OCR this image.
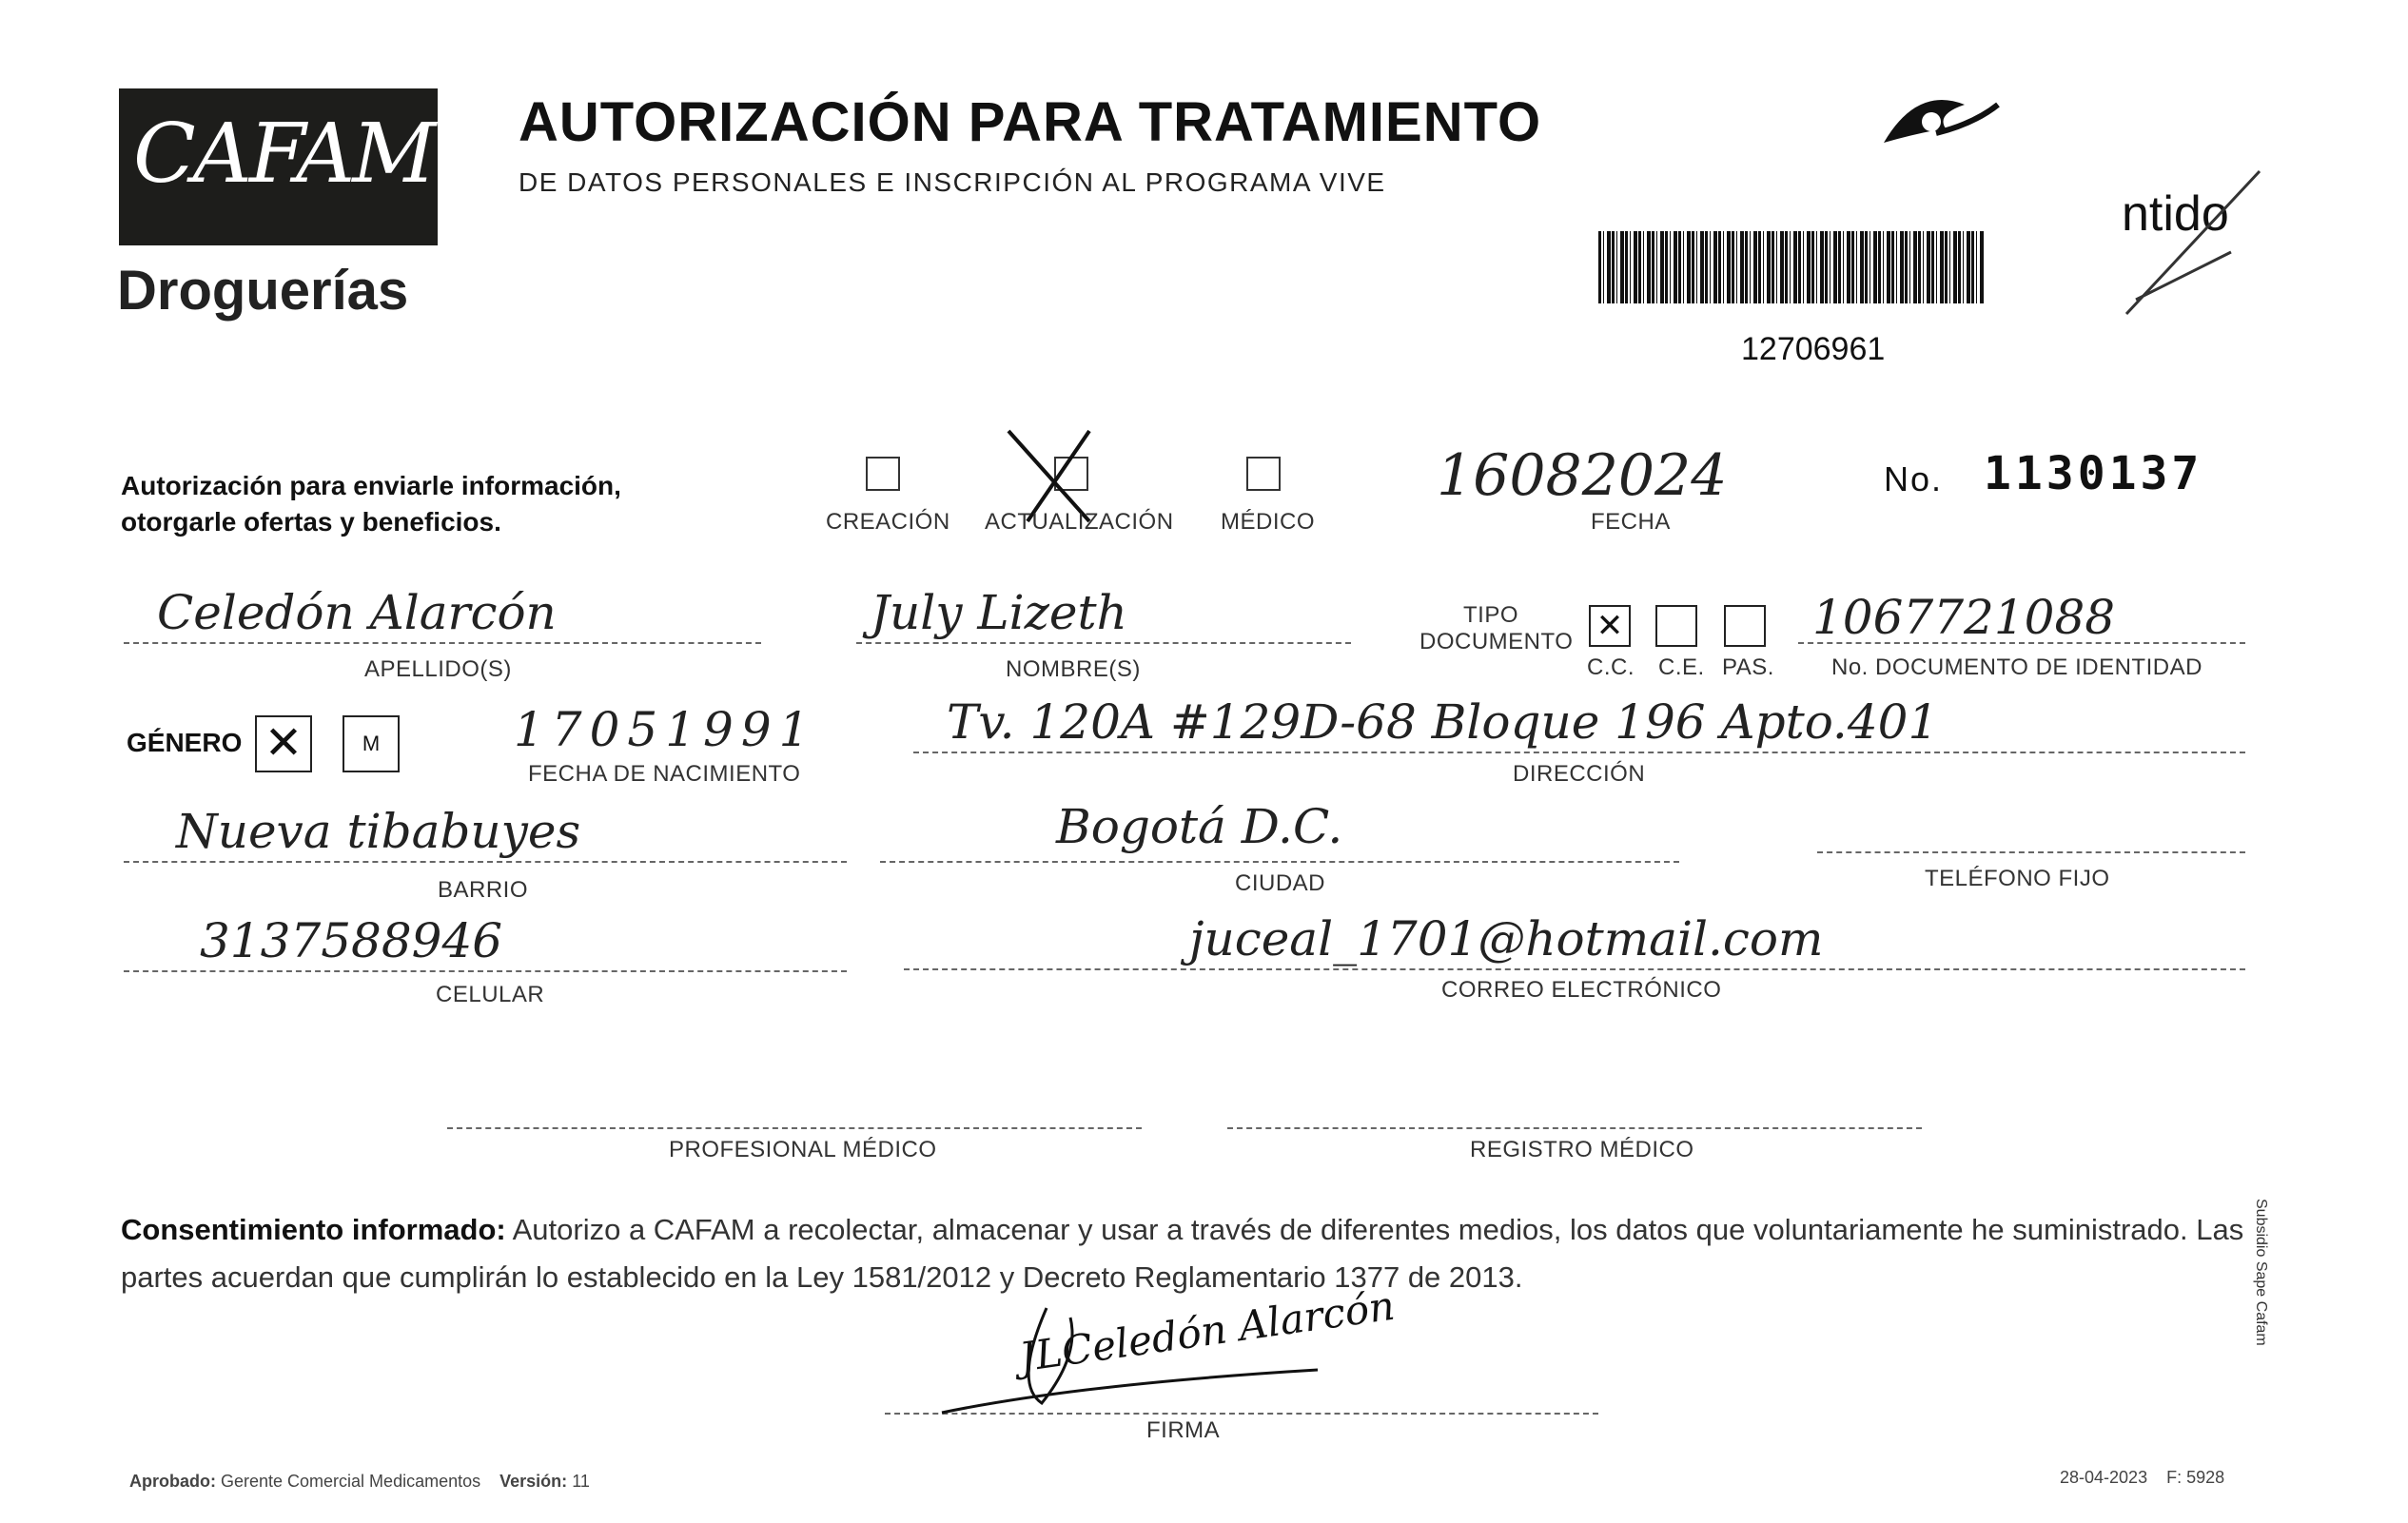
CAFAM
Droguerías
AUTORIZACIÓN PARA TRATAMIENTO
DE DATOS PERSONALES E INSCRIPCIÓN AL PROGRAMA VIVE
ntido
12706961
Autorización para enviarle información, otorgarle ofertas y beneficios.	CREACIÓN ACTUALIZACIÓN MÉDICO
16082024
FECHA
No. 1130137
Celedón Alarcón
APELLIDO(S)
July Lizeth
NOMBRE(S)
TIPO DOCUMENTO ✕
C.C. C.E. PAS.
1067721088
No. DOCUMENTO DE IDENTIDAD
GÉNERO ✕	M	17051991
FECHA DE NACIMIENTO
Tv. 120A #129D-68 Bloque 196 Apto.401
DIRECCIÓN
Nueva tibabuyes
BARRIO
Bogotá D.C.
CIUDAD	TELÉFONO FIJO
3137588946
CELULAR
juceal_1701@hotmail.com
CORREO ELECTRÓNICO
PROFESIONAL MÉDICO	REGISTRO MÉDICO
Consentimiento informado: Autorizo a CAFAM a recolectar, almacenar y usar a través de diferentes medios, los datos que voluntariamente he suministrado. Las partes acuerdan que cumplirán lo establecido en la Ley 1581/2012 y Decreto Reglamentario 1377 de 2013.
JLCeledón Alarcón
FIRMA
Aprobado: Gerente Comercial Medicamentos Versión: 11	28-04-2023 F: 5928
Subsidio Sape Cafam
